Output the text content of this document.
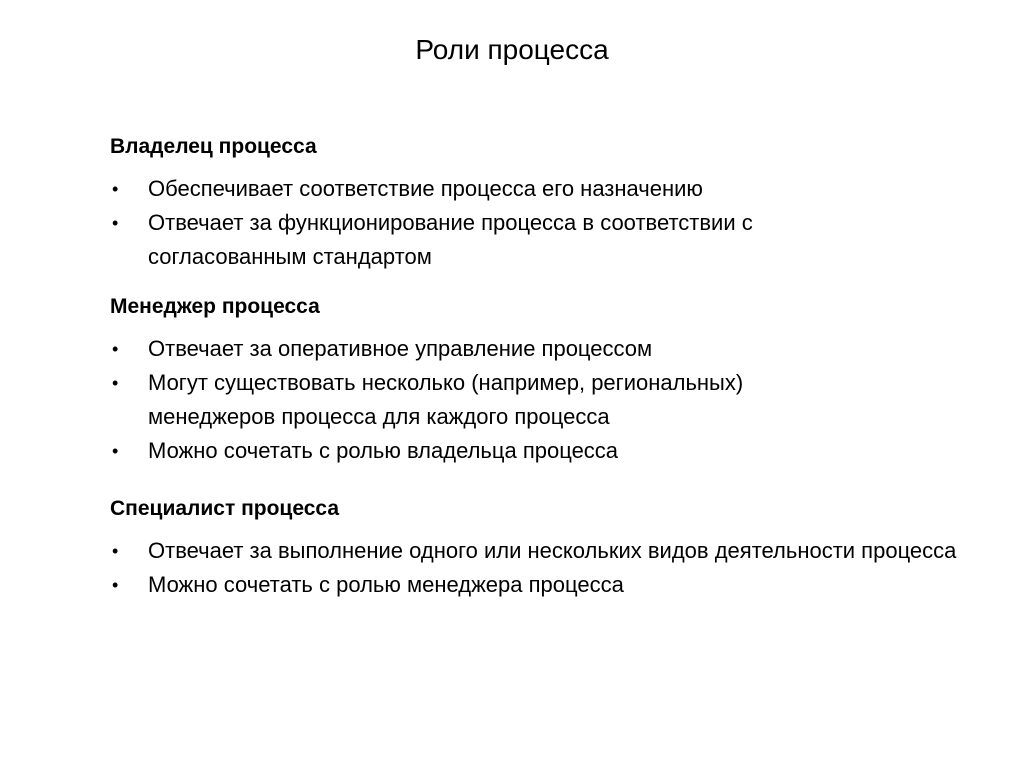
Роли процесса
Владелец процесса
• Обеспечивает соответствие процесса его назначению
• Отвечает за функционирование процесса в соответствии с согласованным стандартом
Менеджер процесса
• Отвечает за оперативное управление процессом
• Могут существовать несколько (например, региональных) менеджеров процесса для каждого процесса
• Можно сочетать с ролью владельца процесса
Специалист процесса
• Отвечает за выполнение одного или нескольких видов деятельности процесса
• Можно сочетать с ролью менеджера процесса
